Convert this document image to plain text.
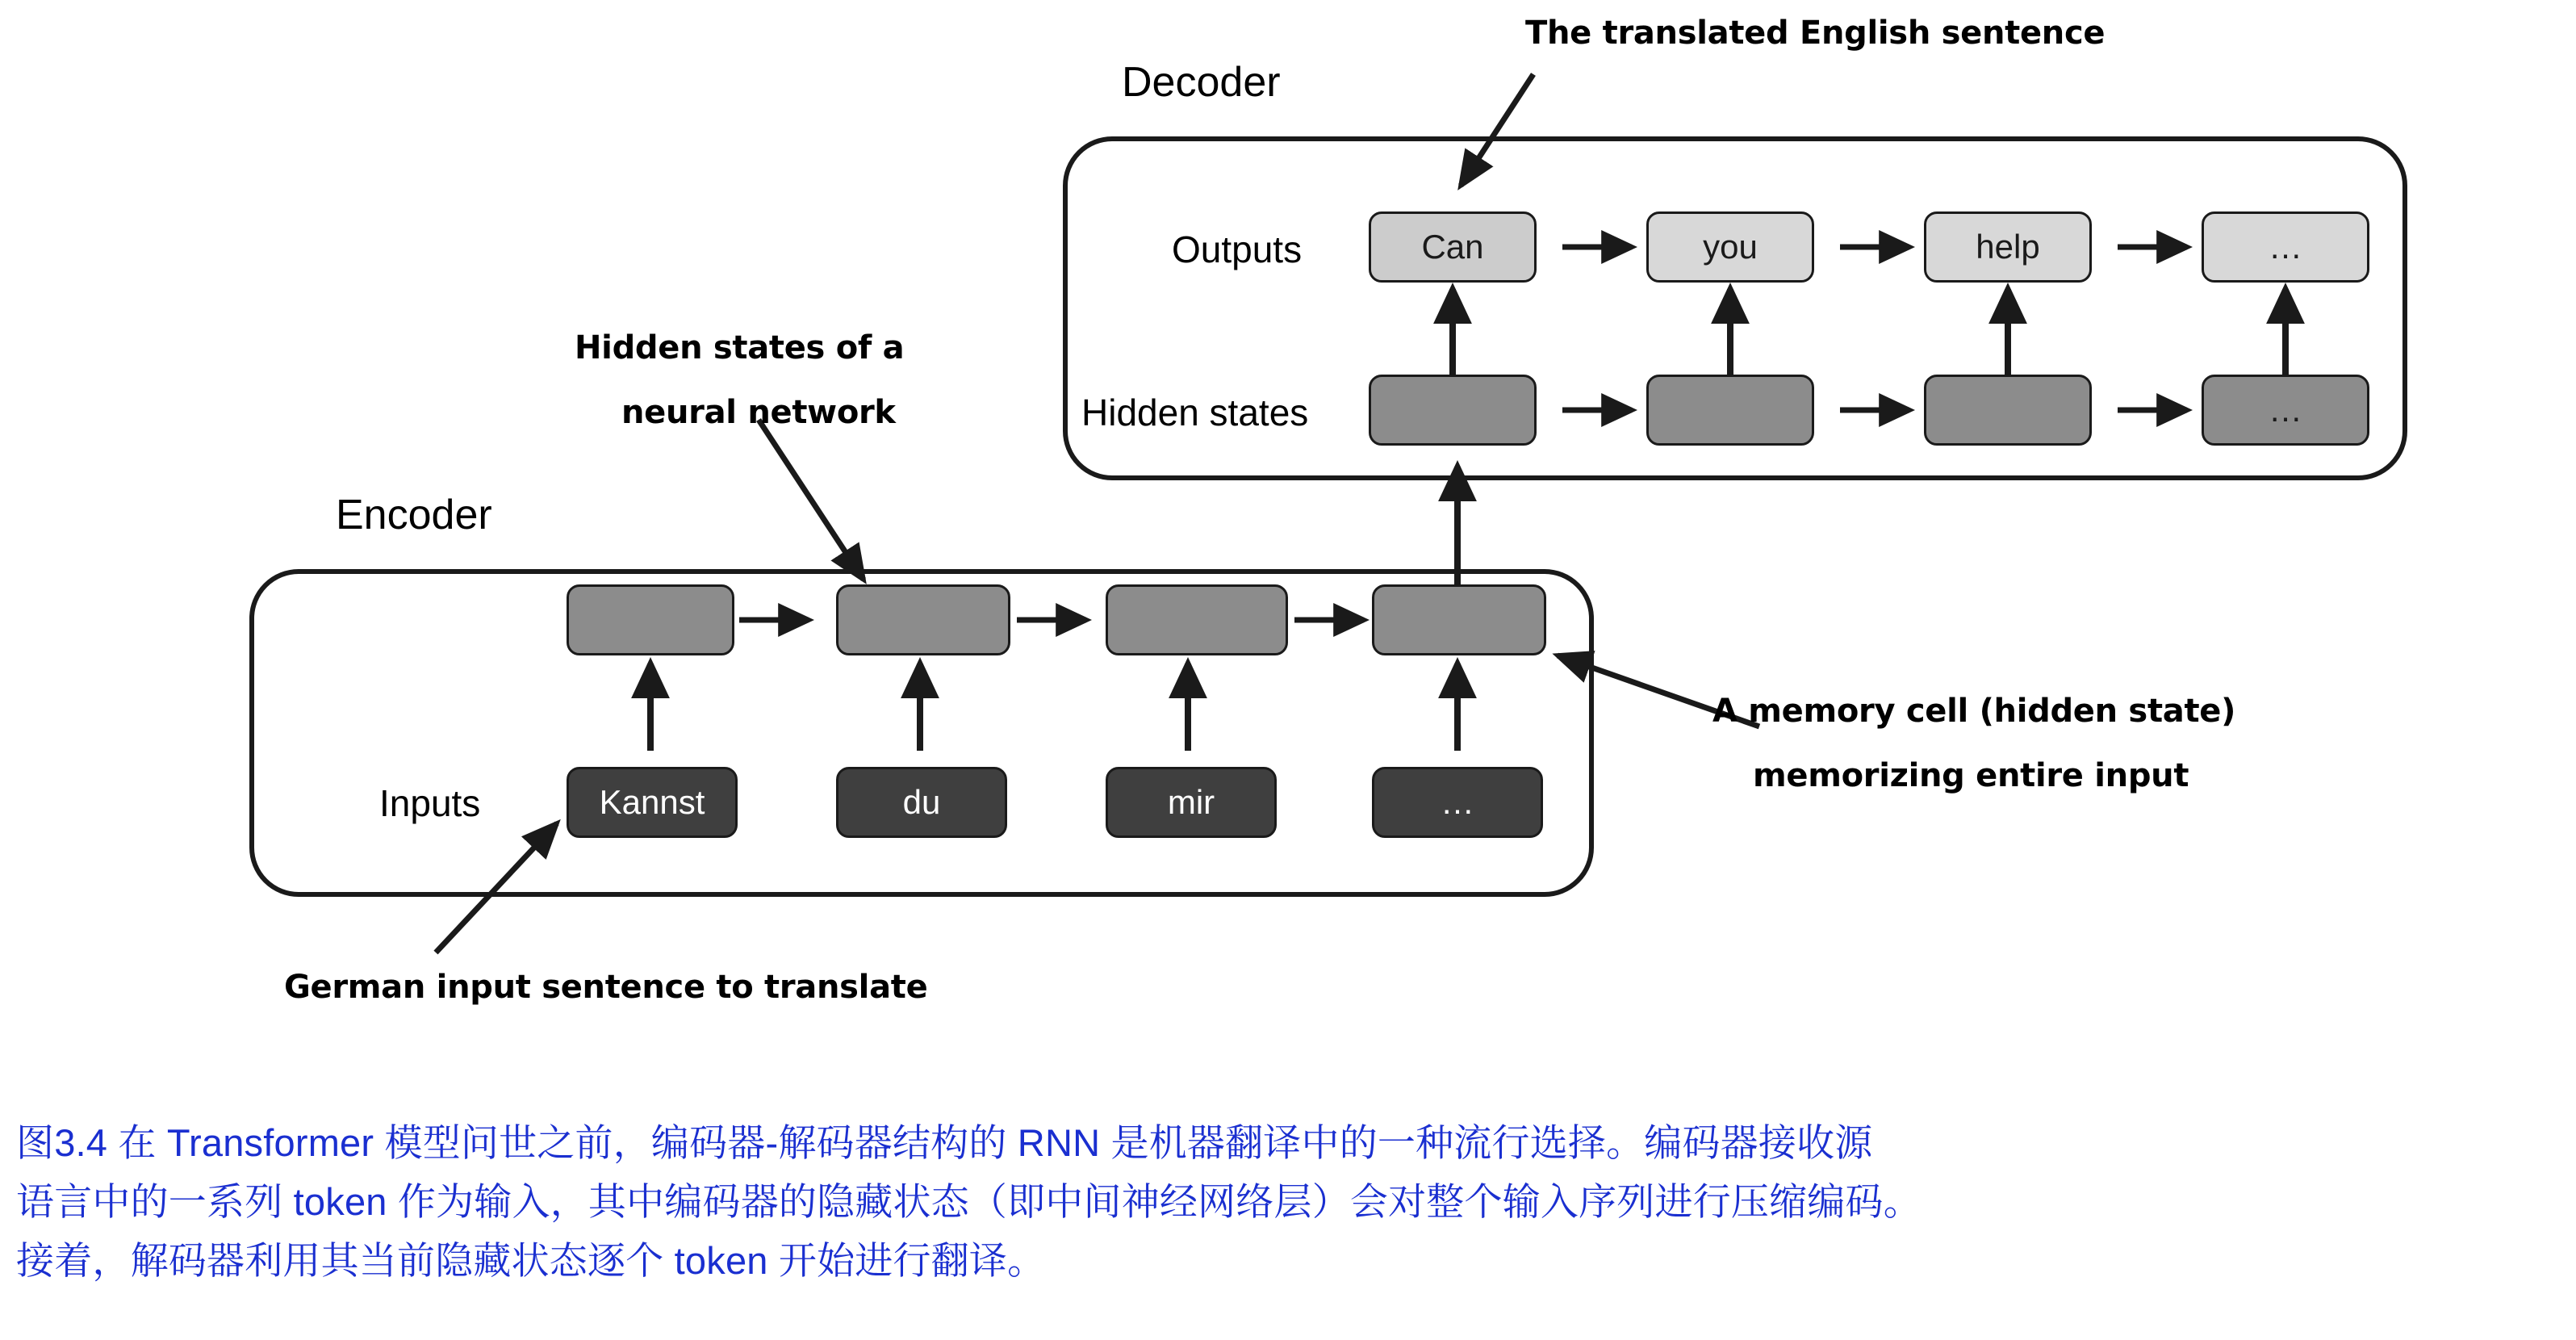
Decoder
Encoder
Outputs
Hidden states
Inputs
The translated English sentence
Hidden states of a
neural network
A memory cell (hidden state)
memorizing entire input
German input sentence to translate
Can	you	help	…
…
Kannst	du	mir	…

图3.4 在 Transformer 模型问世之前，编码器-解码器结构的 RNN 是机器翻译中的一种流行选择。编码器接收源

语言中的一系列 token 作为输入，其中编码器的隐藏状态（即中间神经网络层）会对整个输入序列进行压缩编码。

接着，解码器利用其当前隐藏状态逐个 token 开始进行翻译。
